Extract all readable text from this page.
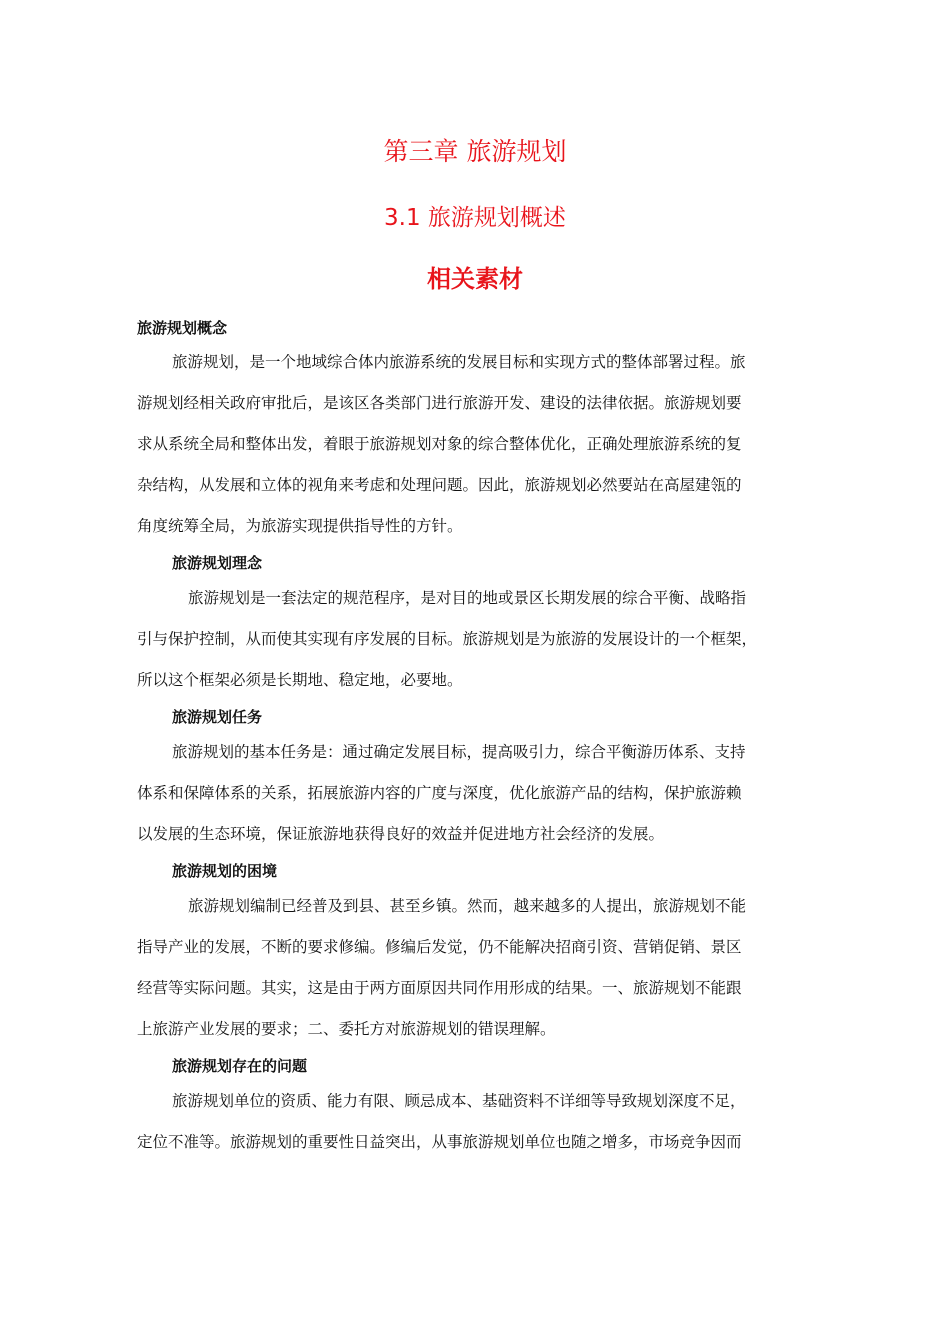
第三章 旅游规划
3.1 旅游规划概述
相关素材
旅游规划概念
旅游规划，是一个地域综合体内旅游系统的发展目标和实现方式的整体部署过程。旅
游规划经相关政府审批后，是该区各类部门进行旅游开发、建设的法律依据。旅游规划要
求从系统全局和整体出发，着眼于旅游规划对象的综合整体优化，正确处理旅游系统的复
杂结构，从发展和立体的视角来考虑和处理问题。因此，旅游规划必然要站在高屋建瓴的
角度统筹全局，为旅游实现提供指导性的方针。
旅游规划理念
旅游规划是一套法定的规范程序，是对目的地或景区长期发展的综合平衡、战略指
引与保护控制，从而使其实现有序发展的目标。旅游规划是为旅游的发展设计的一个框架，
所以这个框架必须是长期地、稳定地，必要地。
旅游规划任务
旅游规划的基本任务是：通过确定发展目标，提高吸引力，综合平衡游历体系、支持
体系和保障体系的关系，拓展旅游内容的广度与深度，优化旅游产品的结构，保护旅游赖
以发展的生态环境，保证旅游地获得良好的效益并促进地方社会经济的发展。
旅游规划的困境
旅游规划编制已经普及到县、甚至乡镇。然而，越来越多的人提出，旅游规划不能
指导产业的发展，不断的要求修编。修编后发觉，仍不能解决招商引资、营销促销、景区
经营等实际问题。其实，这是由于两方面原因共同作用形成的结果。一、旅游规划不能跟
上旅游产业发展的要求；二、委托方对旅游规划的错误理解。
旅游规划存在的问题
旅游规划单位的资质、能力有限、顾忌成本、基础资料不详细等导致规划深度不足，
定位不准等。旅游规划的重要性日益突出，从事旅游规划单位也随之增多，市场竞争因而
